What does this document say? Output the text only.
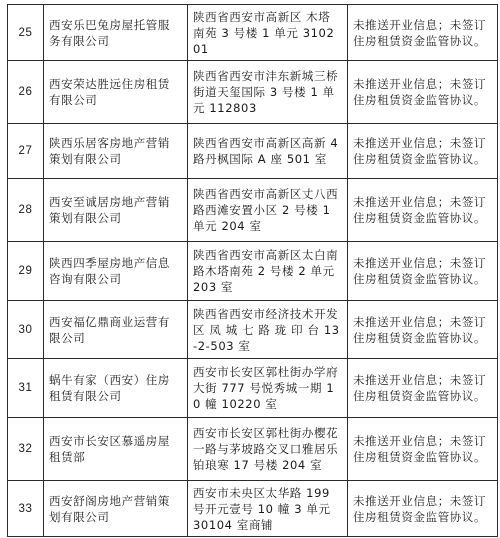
25	西安乐巴兔房屋托管服务有限公司	陕西省西安市高新区 木塔南苑 3 号楼 1 单元 310201	未推送开业信息；未签订住房租赁资金监管协议。
26	西安荣达胜远住房租赁有限公司	陕西省西安市沣东新城三桥街道天玺国际 3 号楼 1 单元 112803	未推送开业信息；未签订住房租赁资金监管协议。
27	陕西乐居客房地产营销策划有限公司	陕西省西安市高新区高新 4 路丹枫国际 A 座 501 室	未推送开业信息；未签订住房租赁资金监管协议。
28	西安至诚居房地产营销策划有限公司	陕西省西安市高新区丈八西路西滩安置小区 2 号楼 1 单元 204 室	未推送开业信息；未签订住房租赁资金监管协议。
29	陕西四季屋房地产信息咨询有限公司	陕西省西安市高新区太白南路木塔南苑 2 号楼 2 单元 203 室	未推送开业信息；未签订住房租赁资金监管协议。
30	西安福亿鼎商业运营有限公司	陕西省西安市经济技术开发区 凤 城 七 路 珑 印 台 13-2-503 室	未推送开业信息；未签订住房租赁资金监管协议。
31	蜗牛有家（西安）住房租赁有限公司	西安市长安区郭杜街办学府大街 777 号悦秀城一期 10 幢 10220 室	未推送开业信息；未签订住房租赁资金监管协议。
32	西安市长安区慕遥房屋租赁部	西安市长安区郭杜街办樱花一路与茅坡路交叉口雅居乐铂琅寒 17 号楼 204 室	未推送开业信息；未签订住房租赁资金监管协议。
33	西安舒阁房地产营销策划有限公司	西安市未央区太华路 199 号开元壹号 10 幢 3 单元 30104 室商铺	未推送开业信息；未签订住房租赁资金监管协议。
